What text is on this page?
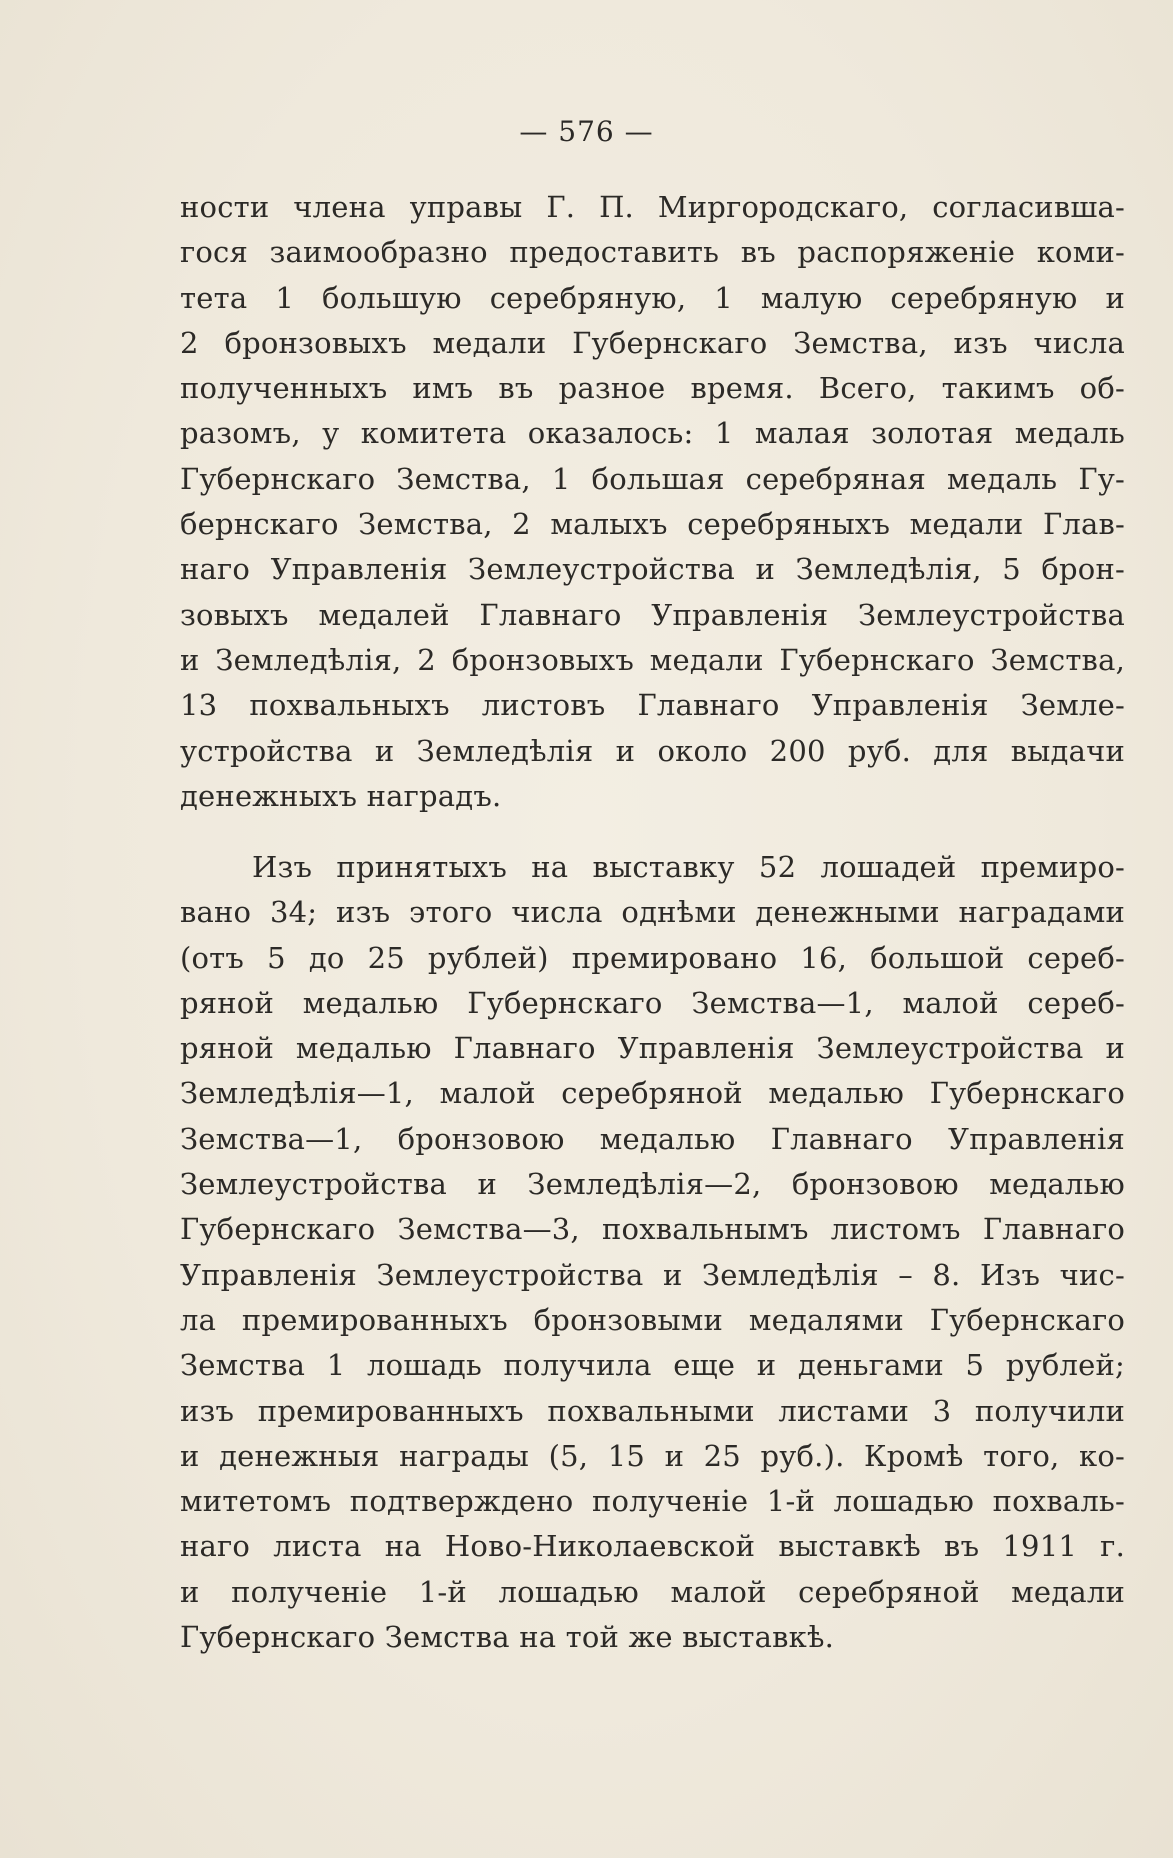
— 576 —
ности члена управы Г. П. Миргородскаго, согласивша-
гося заимообразно предоставить въ распоряженіе коми-
тета 1 большую серебряную, 1 малую серебряную и
2 бронзовыхъ медали Губернскаго Земства, изъ числа
полученныхъ имъ въ разное время. Всего, такимъ об-
разомъ, у комитета оказалось: 1 малая золотая медаль
Губернскаго Земства, 1 большая серебряная медаль Гу-
бернскаго Земства, 2 малыхъ серебряныхъ медали Глав-
наго Управленія Землеустройства и Земледѣлія, 5 брон-
зовыхъ медалей Главнаго Управленія Землеустройства
и Земледѣлія, 2 бронзовыхъ медали Губернскаго Земства,
13 похвальныхъ листовъ Главнаго Управленія Земле-
устройства и Земледѣлія и около 200 руб. для выдачи
денежныхъ наградъ.
Изъ принятыхъ на выставку 52 лошадей премиро-
вано 34; изъ этого числа однѣми денежными наградами
(отъ 5 до 25 рублей) премировано 16, большой сереб-
ряной медалью Губернскаго Земства—1, малой сереб-
ряной медалью Главнаго Управленія Землеустройства и
Земледѣлія—1, малой серебряной медалью Губернскаго
Земства—1, бронзовою медалью Главнаго Управленія
Землеустройства и Земледѣлія—2, бронзовою медалью
Губернскаго Земства—3, похвальнымъ листомъ Главнаго
Управленія Землеустройства и Земледѣлія – 8. Изъ чис-
ла премированныхъ бронзовыми медалями Губернскаго
Земства 1 лошадь получила еще и деньгами 5 рублей;
изъ премированныхъ похвальными листами 3 получили
и денежныя награды (5, 15 и 25 руб.). Кромѣ того, ко-
митетомъ подтверждено полученіе 1-й лошадью похваль-
наго листа на Ново-Николаевской выставкѣ въ 1911 г.
и полученіе 1-й лошадью малой серебряной медали
Губернскаго Земства на той же выставкѣ.
